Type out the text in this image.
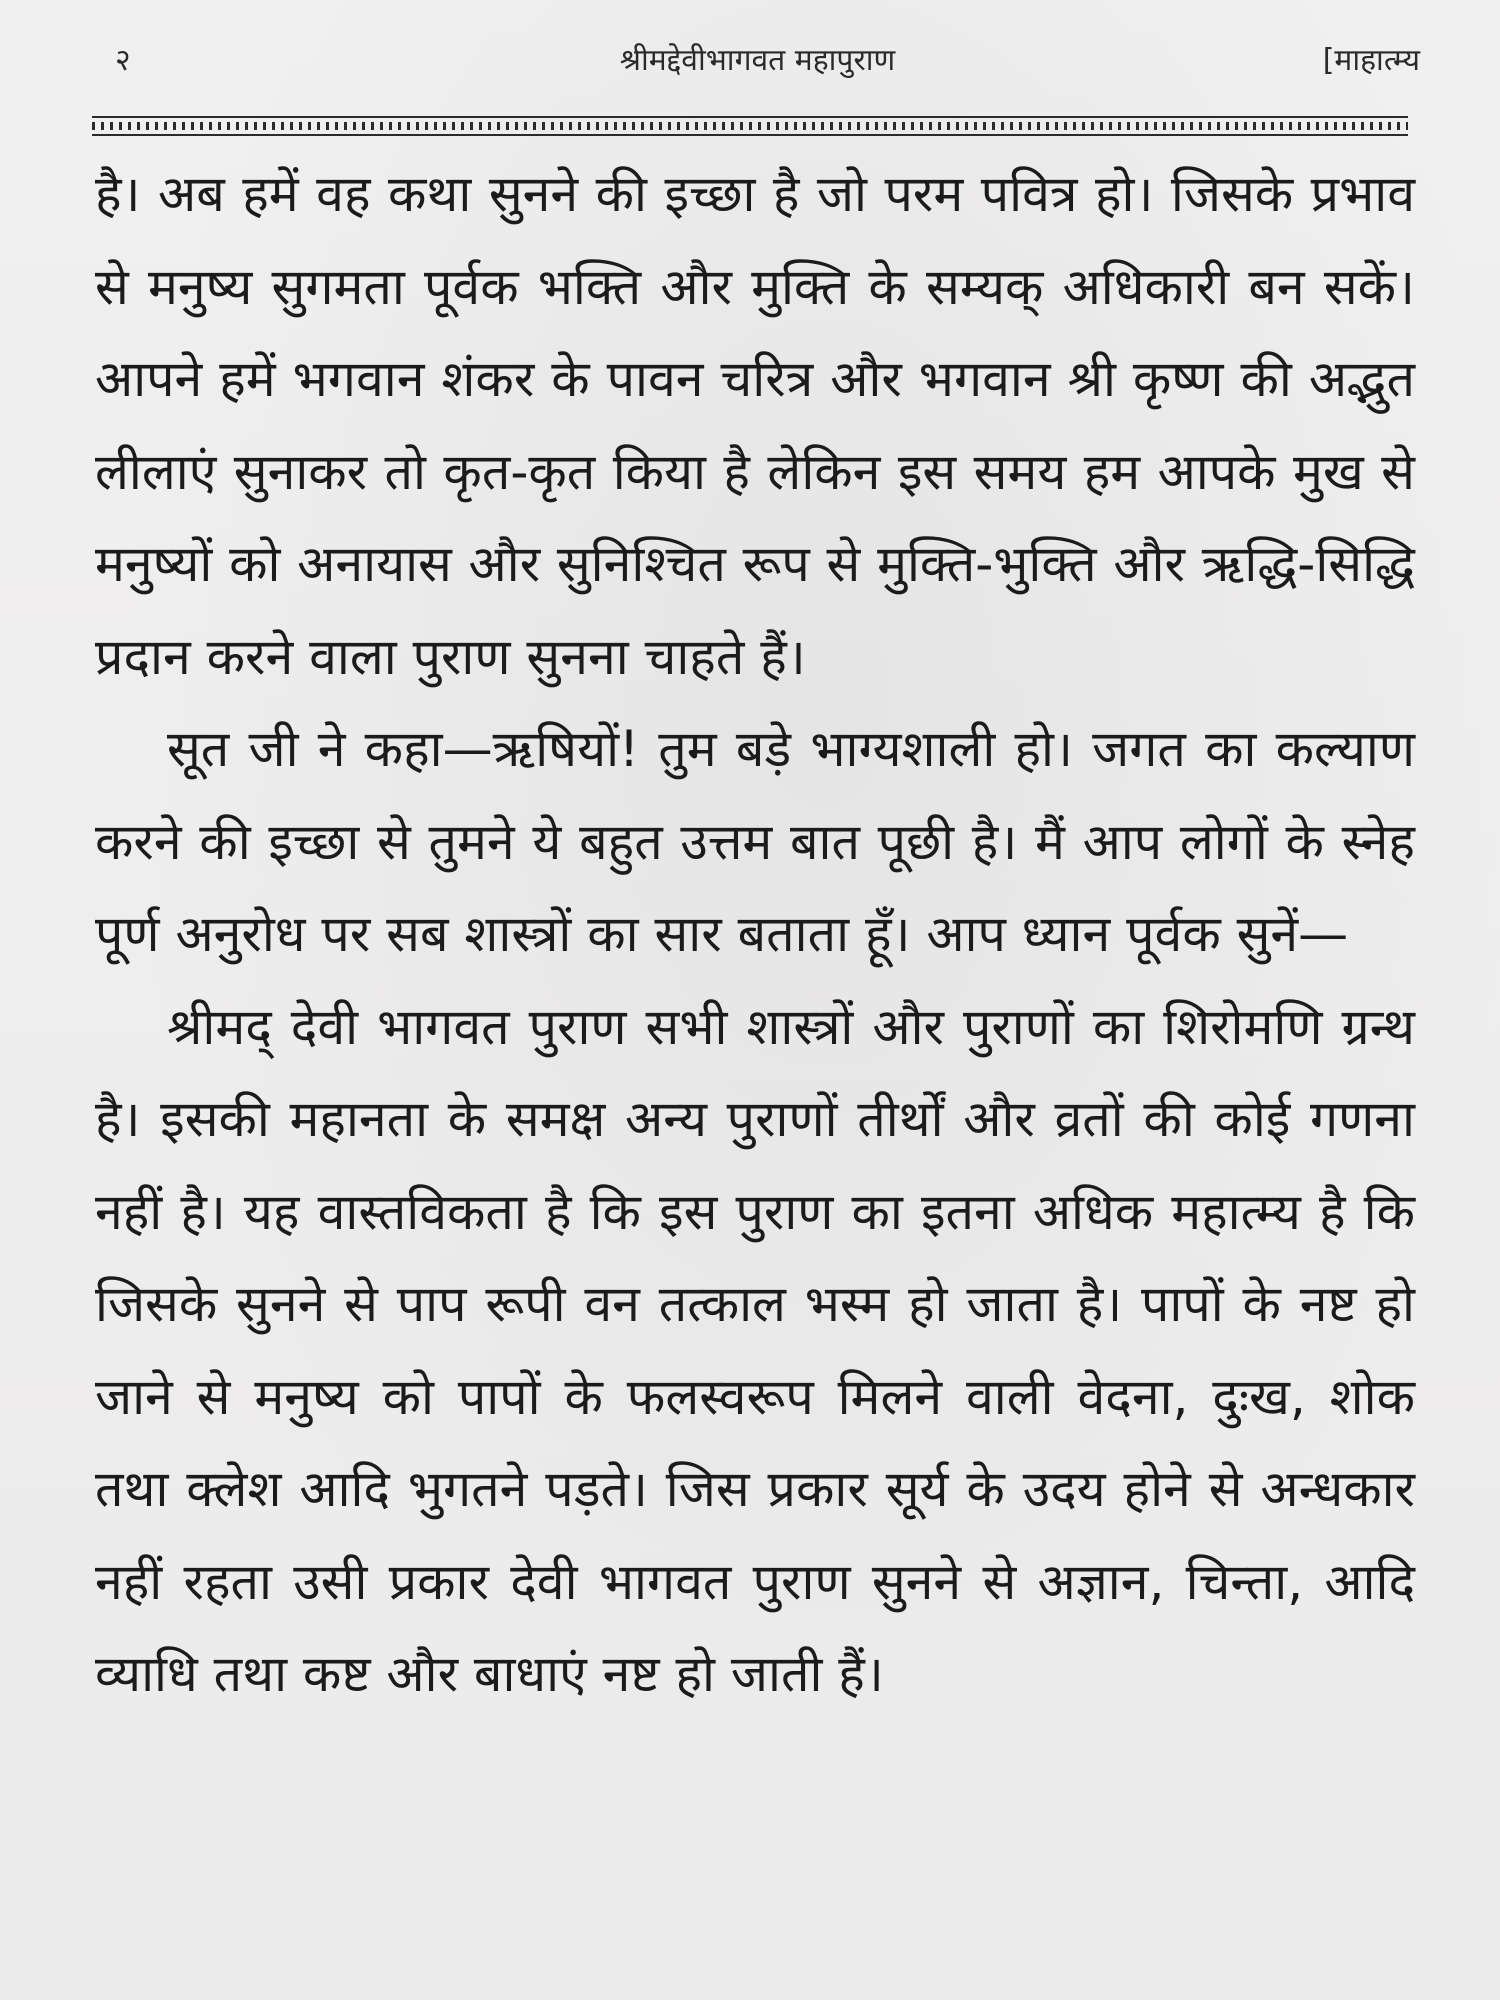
२	श्रीमद्देवीभागवत महापुराण	[माहात्म्य

है। अब हमें वह कथा सुनने की इच्छा है जो परम पवित्र हो। जिसके प्रभाव से मनुष्य सुगमता पूर्वक भक्ति और मुक्ति के सम्यक् अधिकारी बन सकें। आपने हमें भगवान शंकर के पावन चरित्र और भगवान श्री कृष्ण की अद्भुत लीलाएं सुनाकर तो कृत-कृत किया है लेकिन इस समय हम आपके मुख से मनुष्यों को अनायास और सुनिश्चित रूप से मुक्ति-भुक्ति और ऋद्धि-सिद्धि प्रदान करने वाला पुराण सुनना चाहते हैं।

सूत जी ने कहा—ऋषियों! तुम बड़े भाग्यशाली हो। जगत का कल्याण करने की इच्छा से तुमने ये बहुत उत्तम बात पूछी है। मैं आप लोगों के स्नेह पूर्ण अनुरोध पर सब शास्त्रों का सार बताता हूँ। आप ध्यान पूर्वक सुनें—

श्रीमद् देवी भागवत पुराण सभी शास्त्रों और पुराणों का शिरोमणि ग्रन्थ है। इसकी महानता के समक्ष अन्य पुराणों तीर्थों और व्रतों की कोई गणना नहीं है। यह वास्तविकता है कि इस पुराण का इतना अधिक महात्म्य है कि जिसके सुनने से पाप रूपी वन तत्काल भस्म हो जाता है। पापों के नष्ट हो जाने से मनुष्य को पापों के फलस्वरूप मिलने वाली वेदना, दुःख, शोक तथा क्लेश आदि भुगतने पड़ते। जिस प्रकार सूर्य के उदय होने से अन्धकार नहीं रहता उसी प्रकार देवी भागवत पुराण सुनने से अज्ञान, चिन्ता, आदि व्याधि तथा कष्ट और बाधाएं नष्ट हो जाती हैं।
